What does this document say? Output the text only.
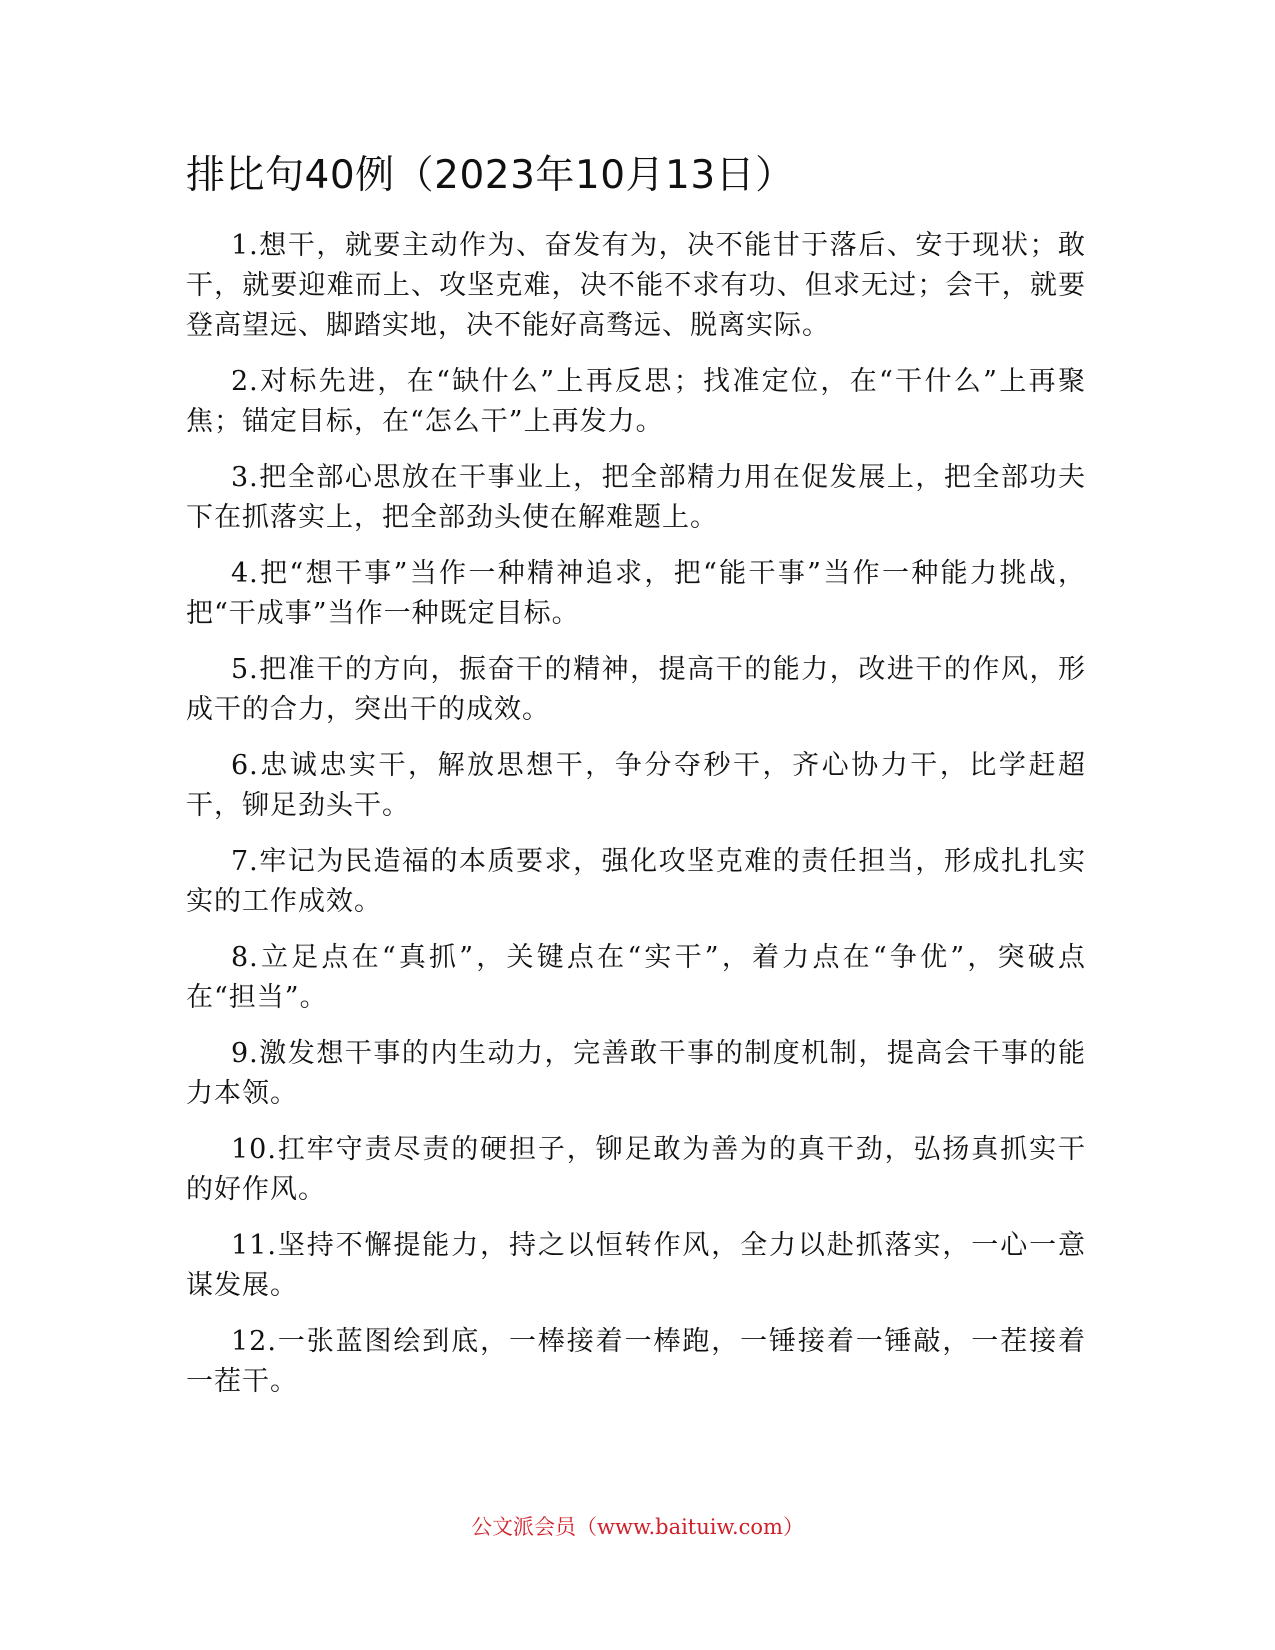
排比句40例（2023年10月13日）

1.想干，就要主动作为、奋发有为，决不能甘于落后、安于现状；敢干，就要迎难而上、攻坚克难，决不能不求有功、但求无过；会干，就要登高望远、脚踏实地，决不能好高骛远、脱离实际。

2.对标先进，在“缺什么”上再反思；找准定位，在“干什么”上再聚焦；锚定目标，在“怎么干”上再发力。

3.把全部心思放在干事业上，把全部精力用在促发展上，把全部功夫下在抓落实上，把全部劲头使在解难题上。

4.把“想干事”当作一种精神追求，把“能干事”当作一种能力挑战，把“干成事”当作一种既定目标。

5.把准干的方向，振奋干的精神，提高干的能力，改进干的作风，形成干的合力，突出干的成效。

6.忠诚忠实干，解放思想干，争分夺秒干，齐心协力干，比学赶超干，铆足劲头干。

7.牢记为民造福的本质要求，强化攻坚克难的责任担当，形成扎扎实实的工作成效。

8.立足点在“真抓”，关键点在“实干”，着力点在“争优”，突破点在“担当”。

9.激发想干事的内生动力，完善敢干事的制度机制，提高会干事的能力本领。

10.扛牢守责尽责的硬担子，铆足敢为善为的真干劲，弘扬真抓实干的好作风。

11.坚持不懈提能力，持之以恒转作风，全力以赴抓落实，一心一意谋发展。

12.一张蓝图绘到底，一棒接着一棒跑，一锤接着一锤敲，一茬接着一茬干。

公文派会员（www.baituiw.com）
